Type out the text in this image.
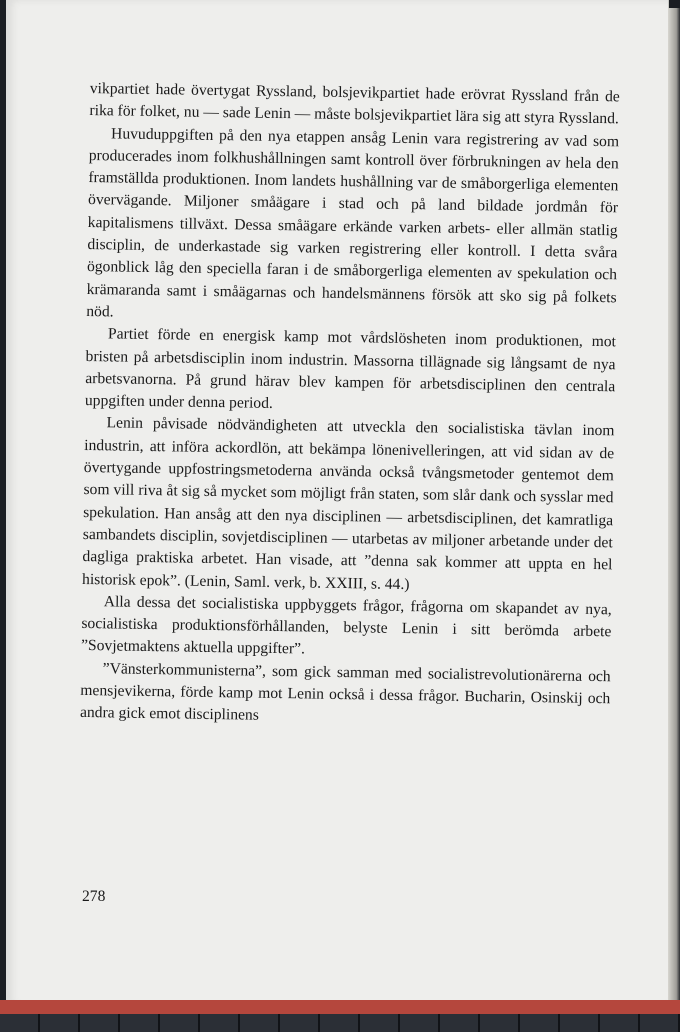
vikpartiet hade övertygat Ryssland, bolsjevikpartiet hade erövrat Ryssland från de rika för folket, nu — sade Lenin — måste bolsjevikpartiet lära sig att styra Ryssland.

Huvuduppgiften på den nya etappen ansåg Lenin vara registrering av vad som producerades inom folkhushållningen samt kontroll över förbrukningen av hela den framställda produktionen. Inom landets hushållning var de småborgerliga elementen övervägande. Miljoner småägare i stad och på land bildade jordmån för kapitalismens tillväxt. Dessa småägare erkände varken arbets- eller allmän statlig disciplin, de underkastade sig varken registrering eller kontroll. I detta svåra ögonblick låg den speciella faran i de småborgerliga elementen av spekulation och krämaranda samt i småägarnas och handelsmännens försök att sko sig på folkets nöd.

Partiet förde en energisk kamp mot vårdslösheten inom produktionen, mot bristen på arbetsdisciplin inom industrin. Massorna tillägnade sig långsamt de nya arbetsvanorna. På grund härav blev kampen för arbetsdisciplinen den centrala uppgiften under denna period.

Lenin påvisade nödvändigheten att utveckla den socialistiska tävlan inom industrin, att införa ackordlön, att bekämpa lönenivelleringen, att vid sidan av de övertygande uppfostringsmetoderna använda också tvångsmetoder gentemot dem som vill riva åt sig så mycket som möjligt från staten, som slår dank och sysslar med spekulation. Han ansåg att den nya disciplinen — arbetsdisciplinen, det kamratliga sambandets disciplin, sovjetdisciplinen — utarbetas av miljoner arbetande under det dagliga praktiska arbetet. Han visade, att ”denna sak kommer att uppta en hel historisk epok”. (Lenin, Saml. verk, b. XXIII, s. 44.)

Alla dessa det socialistiska uppbyggets frågor, frågorna om skapandet av nya, socialistiska produktionsförhållanden, belyste Lenin i sitt berömda arbete ”Sovjetmaktens aktuella uppgifter”.

”Vänsterkommunisterna”, som gick samman med socialistrevolutionärerna och mensjevikerna, förde kamp mot Lenin också i dessa frågor. Bucharin, Osinskij och andra gick emot disciplinens

278
